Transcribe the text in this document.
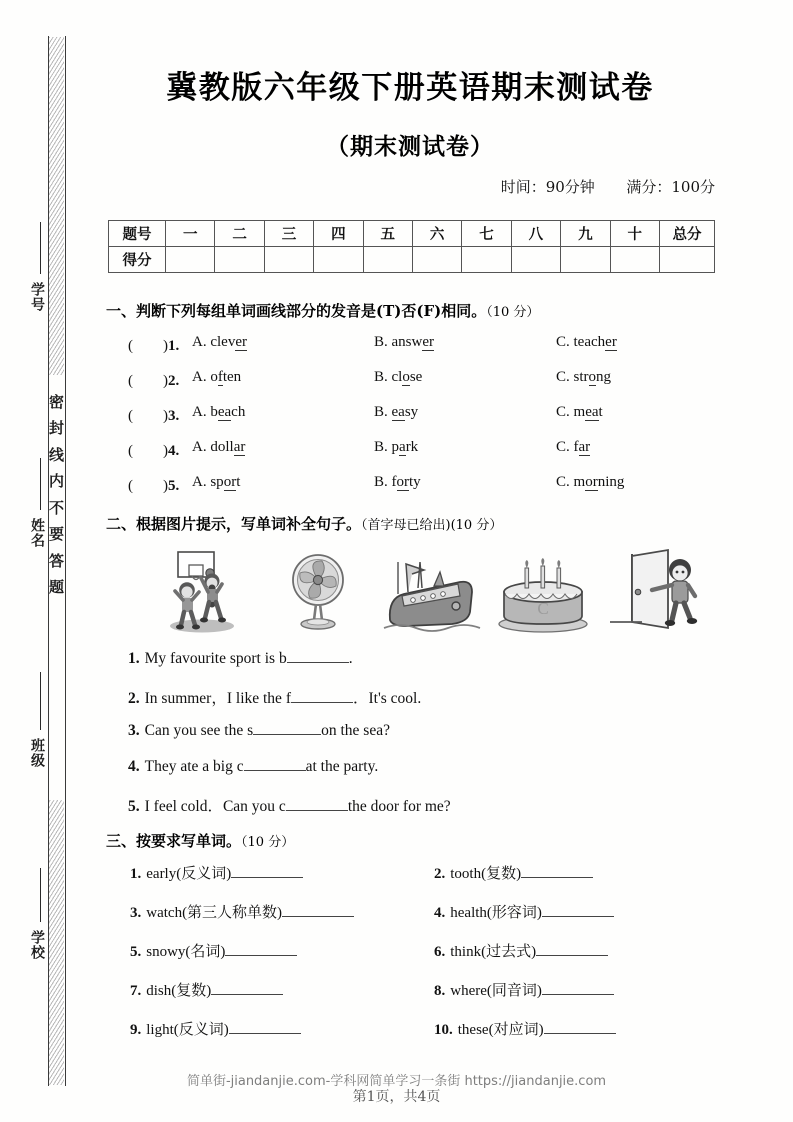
密
封
线
内
不
要
答
题
学号
姓名
班级
学校
冀教版六年级下册英语期末测试卷
（期末测试卷）
时间：90分钟 满分：100分
题号	一	二	三	四	五	六	七	八	九	十	总分
得分											
一、判断下列每组单词画线部分的发音是(T)否(F)相同。（10 分）
(　　)1. A. clever	B. answer	C. teacher
(　　)2. A. often	B. close	C. strong
(　　)3. A. beach	B. easy	C. meat
(　　)4. A. dollar	B. park	C. far
(　　)5. A. sport	B. forty	C. morning
二、根据图片提示，写单词补全句子。（首字母已给出)(10 分）
C
1. My favourite sport is b	.
2. In summer，I like the f	．It's cool.
3. Can you see the s	on the sea?
4. They ate a big c	at the party.
5. I feel cold．Can you c	the door for me?
三、按要求写单词。（10 分）
1. early(反义词)	2. tooth(复数)
3. watch(第三人称单数)	4. health(形容词)
5. snowy(名词)	6. think(过去式)
7. dish(复数)	8. where(同音词)
9. light(反义词)	10. these(对应词)
简单街-jiandanjie.com-学科网简单学习一条街 https://jiandanjie.com
第1页，共4页
